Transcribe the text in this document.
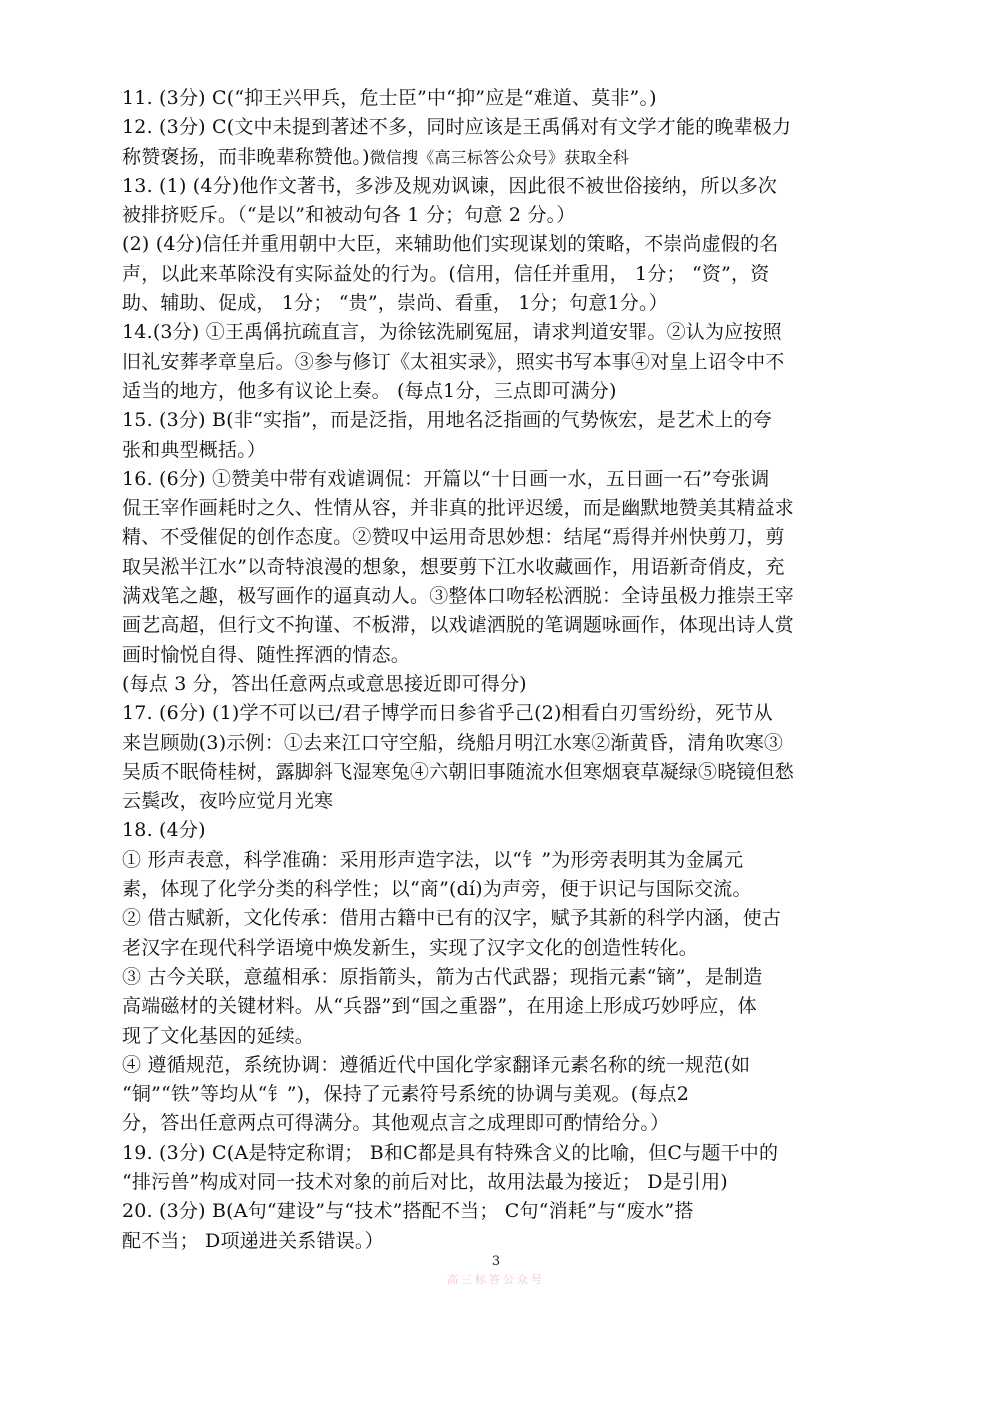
11. (3分) C(“抑王兴甲兵，危士臣”中“抑”应是“难道、莫非”。)
12. (3分) C(文中未提到著述不多，同时应该是王禹偁对有文学才能的晚辈极力
称赞褒扬，而非晚辈称赞他。)微信搜《高三标答公众号》获取全科
13. (1) (4分)他作文著书，多涉及规劝讽谏，因此很不被世俗接纳，所以多次
被排挤贬斥。（“是以”和被动句各 1 分；句意 2 分。）
(2) (4分)信任并重用朝中大臣，来辅助他们实现谋划的策略，不崇尚虚假的名
声，以此来革除没有实际益处的行为。(信用，信任并重用， 1分； “资”，资
助、辅助、促成， 1分； “贵”，崇尚、看重， 1分；句意1分。）
14.(3分) ①王禹偁抗疏直言，为徐铉洗刷冤屈，请求判道安罪。②认为应按照
旧礼安葬孝章皇后。③参与修订《太祖实录》，照实书写本事④对皇上诏令中不
适当的地方，他多有议论上奏。 (每点1分，三点即可满分)
15. (3分) B(非“实指”，而是泛指，用地名泛指画的气势恢宏，是艺术上的夸
张和典型概括。）
16. (6分) ①赞美中带有戏谑调侃：开篇以“十日画一水，五日画一石”夸张调
侃王宰作画耗时之久、性情从容，并非真的批评迟缓，而是幽默地赞美其精益求
精、不受催促的创作态度。②赞叹中运用奇思妙想：结尾“焉得并州快剪刀，剪
取吴淞半江水”以奇特浪漫的想象，想要剪下江水收藏画作，用语新奇俏皮，充
满戏笔之趣，极写画作的逼真动人。③整体口吻轻松洒脱：全诗虽极力推崇王宰
画艺高超，但行文不拘谨、不板滞，以戏谑洒脱的笔调题咏画作，体现出诗人赏
画时愉悦自得、随性挥洒的情态。
(每点 3 分，答出任意两点或意思接近即可得分)
17. (6分) (1)学不可以已/君子博学而日参省乎己(2)相看白刃雪纷纷，死节从
来岂顾勋(3)示例：①去来江口守空船，绕船月明江水寒②渐黄昏，清角吹寒③
吴质不眠倚桂树，露脚斜飞湿寒兔④六朝旧事随流水但寒烟衰草凝绿⑤晓镜但愁
云鬓改，夜吟应觉月光寒
18. (4分)
① 形声表意，科学准确：采用形声造字法，以“钅”为形旁表明其为金属元
素，体现了化学分类的科学性；以“啇”(dí)为声旁，便于识记与国际交流。
② 借古赋新，文化传承：借用古籍中已有的汉字，赋予其新的科学内涵，使古
老汉字在现代科学语境中焕发新生，实现了汉字文化的创造性转化。
③ 古今关联，意蕴相承：原指箭头，箭为古代武器；现指元素“镝”，是制造
高端磁材的关键材料。从“兵器”到“国之重器”，在用途上形成巧妙呼应，体
现了文化基因的延续。
④ 遵循规范，系统协调：遵循近代中国化学家翻译元素名称的统一规范(如
“铜”“铁”等均从“钅”)，保持了元素符号系统的协调与美观。(每点2
分，答出任意两点可得满分。其他观点言之成理即可酌情给分。）
19. (3分) C(A是特定称谓； B和C都是具有特殊含义的比喻，但C与题干中的
“排污兽”构成对同一技术对象的前后对比，故用法最为接近； D是引用)
20. (3分) B(A句“建设”与“技术”搭配不当； C句“消耗”与“废水”搭
配不当； D项递进关系错误。）
3
高三标答公众号
